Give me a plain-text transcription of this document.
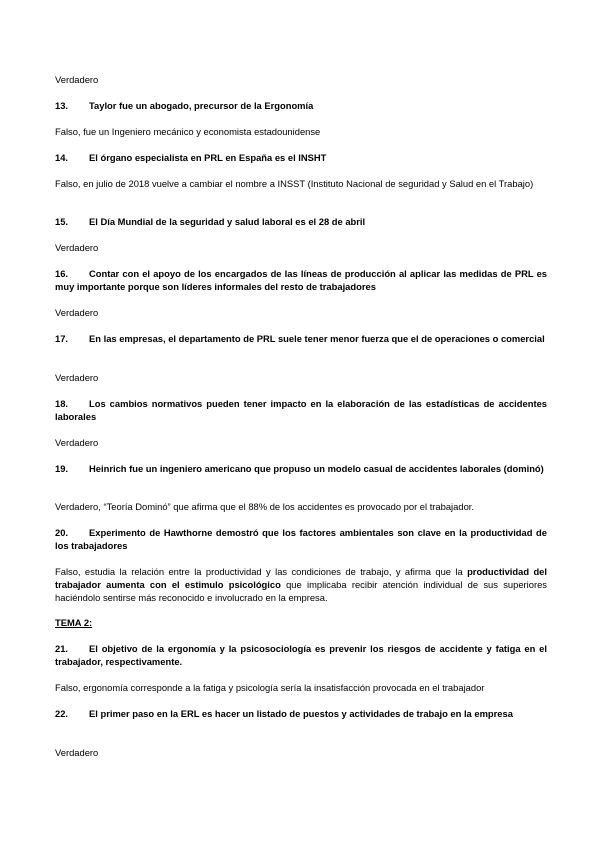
Verdadero

13. Taylor fue un abogado, precursor de la Ergonomía

Falso, fue un Ingeniero mecánico y economista estadounidense

14. El órgano especialista en PRL en España es el INSHT

Falso, en julio de 2018 vuelve a cambiar el nombre a INSST (Instituto Nacional de seguridad y Salud en el Trabajo)

15. El Día Mundial de la seguridad y salud laboral es el 28 de abril

Verdadero

16. Contar con el apoyo de los encargados de las líneas de producción al aplicar las medidas de PRL es muy importante porque son líderes informales del resto de trabajadores

Verdadero

17. En las empresas, el departamento de PRL suele tener menor fuerza que el de operaciones o comercial

Verdadero

18. Los cambios normativos pueden tener impacto en la elaboración de las estadísticas de accidentes laborales

Verdadero

19. Heinrich fue un ingeniero americano que propuso un modelo casual de accidentes laborales (dominó)

Verdadero, “Teoría Dominó” que afirma que el 88% de los accidentes es provocado por el trabajador.

20. Experimento de Hawthorne demostró que los factores ambientales son clave en la productividad de los trabajadores

Falso, estudia la relación entre la productividad y las condiciones de trabajo, y afirma que la productividad del trabajador aumenta con el estimulo psicológico que implicaba recibir atención individual de sus superiores haciéndolo sentirse más reconocido e involucrado en la empresa.

TEMA 2:

21. El objetivo de la ergonomía y la psicosociología es prevenir los riesgos de accidente y fatiga en el trabajador, respectivamente.

Falso, ergonomía corresponde a la fatiga y psicología sería la insatisfacción provocada en el trabajador

22. El primer paso en la ERL es hacer un listado de puestos y actividades de trabajo en la empresa

Verdadero
